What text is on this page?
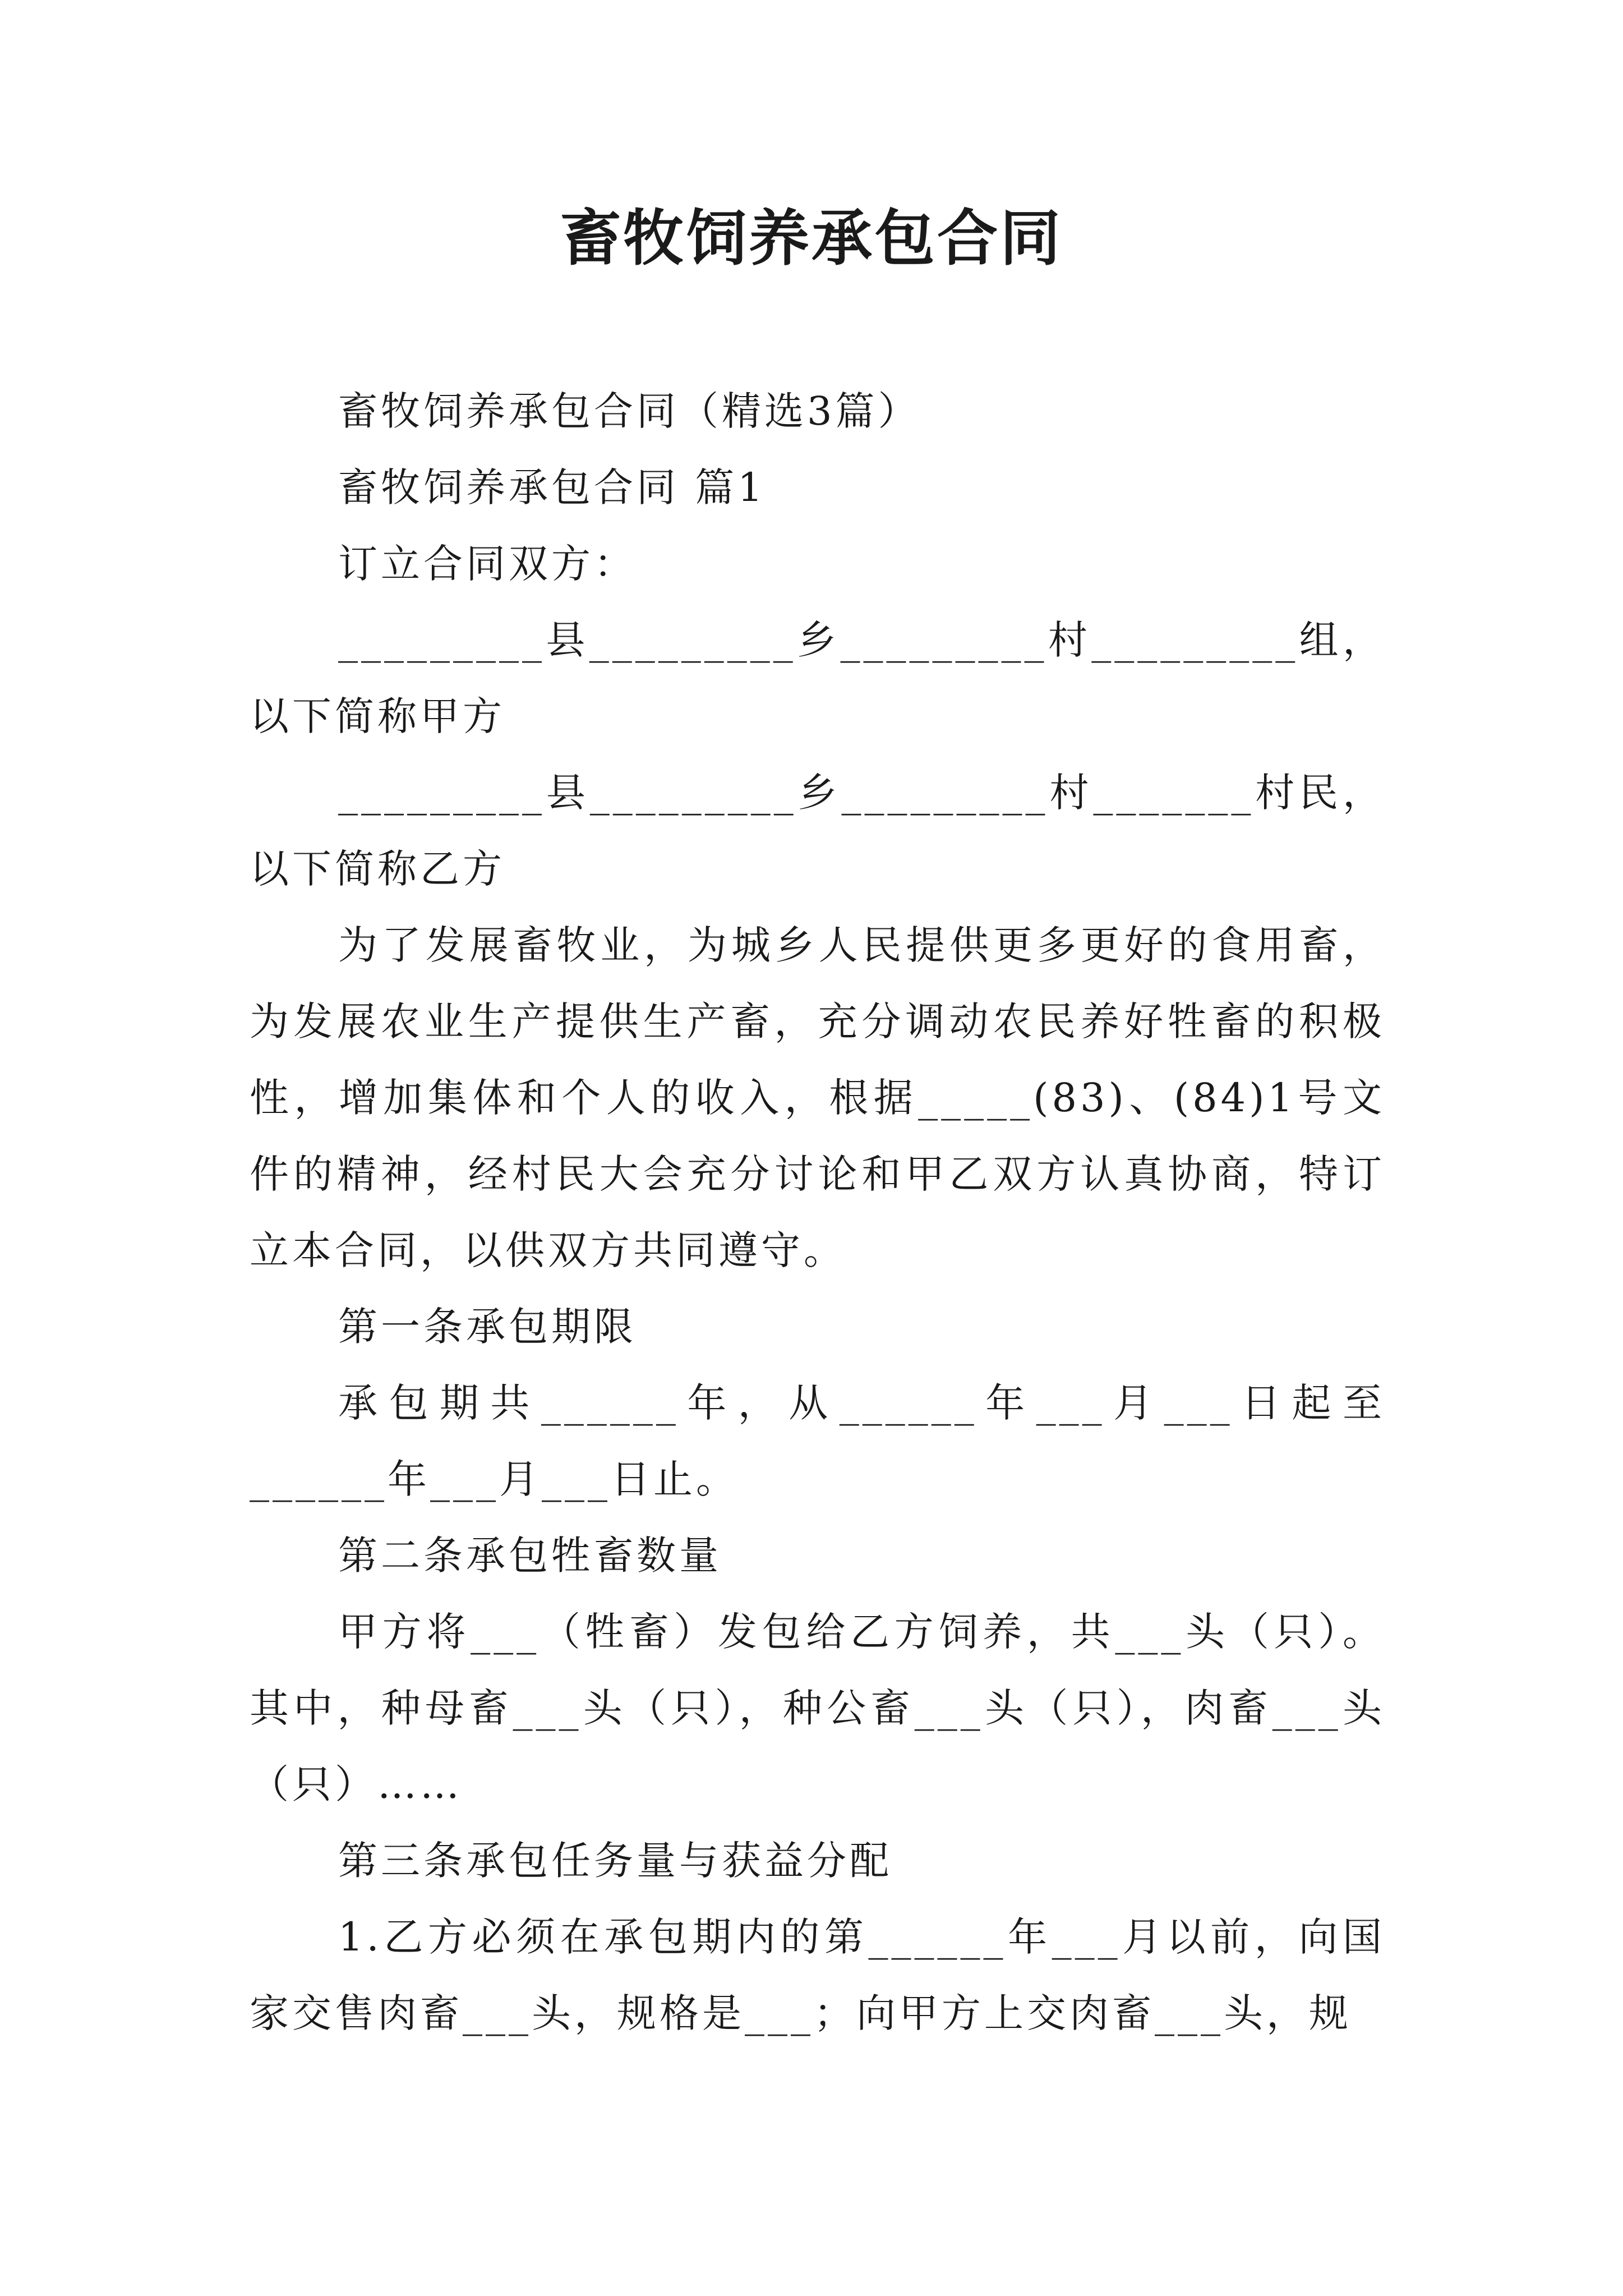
畜牧饲养承包合同

畜牧饲养承包合同（精选3篇）

畜牧饲养承包合同 篇1

订立合同双方：

_________县_________乡_________村_________组，以下简称甲方

_________县_________乡_________村_______村民，以下简称乙方

为了发展畜牧业，为城乡人民提供更多更好的食用畜，为发展农业生产提供生产畜，充分调动农民养好牲畜的积极性，增加集体和个人的收入，根据_____(83)、(84)1号文件的精神，经村民大会充分讨论和甲乙双方认真协商，特订立本合同，以供双方共同遵守。

第一条承包期限

承包期共______年，从______年___月___日起至______年___月___日止。

第二条承包牲畜数量

甲方将___（牲畜）发包给乙方饲养，共___头（只）。其中，种母畜___头（只），种公畜___头（只），肉畜___头（只）……

第三条承包任务量与获益分配

1.乙方必须在承包期内的第______年___月以前，向国家交售肉畜___头，规格是___；向甲方上交肉畜___头，规
